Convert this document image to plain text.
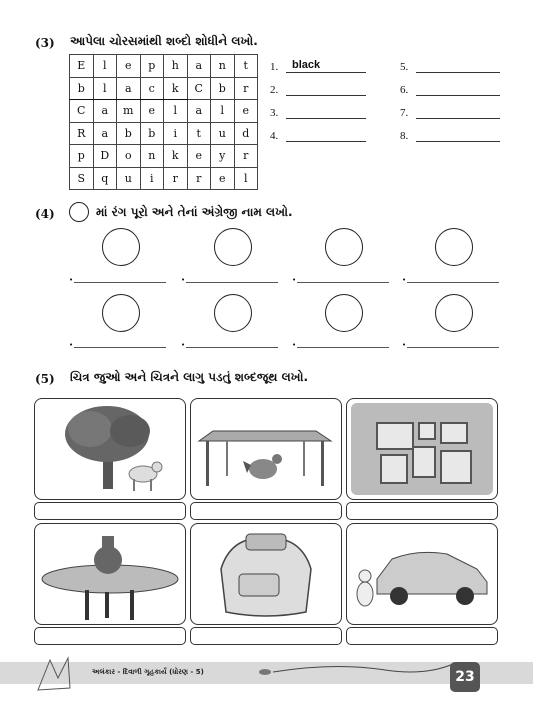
(3) આપેલા ચોરસમાંથી શબ્દો શોધીને લખો.
E	l	e	p	h	a	n	t
b	l	a	c	k	C	b	r
C	a	m	e	l	a	l	e
R	a	b	b	i	t	u	d
p	D	o	n	k	e	y	r
S	q	u	i	r	r	e	l
1.	black
2.
3.
4.
5.
6.
7.
8.
(4)	માં રંગ પૂરો અને તેનાં અંગ્રેજી નામ લખો.
•	•	•	•
•	•	•	•
(5) ચિત્ર જુઓ અને ચિત્રને લાગુ પડતું શબ્દજૂથ લખો.
અલંકાર - દિવાળી ગૃહકાર્ય (ધોરણ - 5)	23
